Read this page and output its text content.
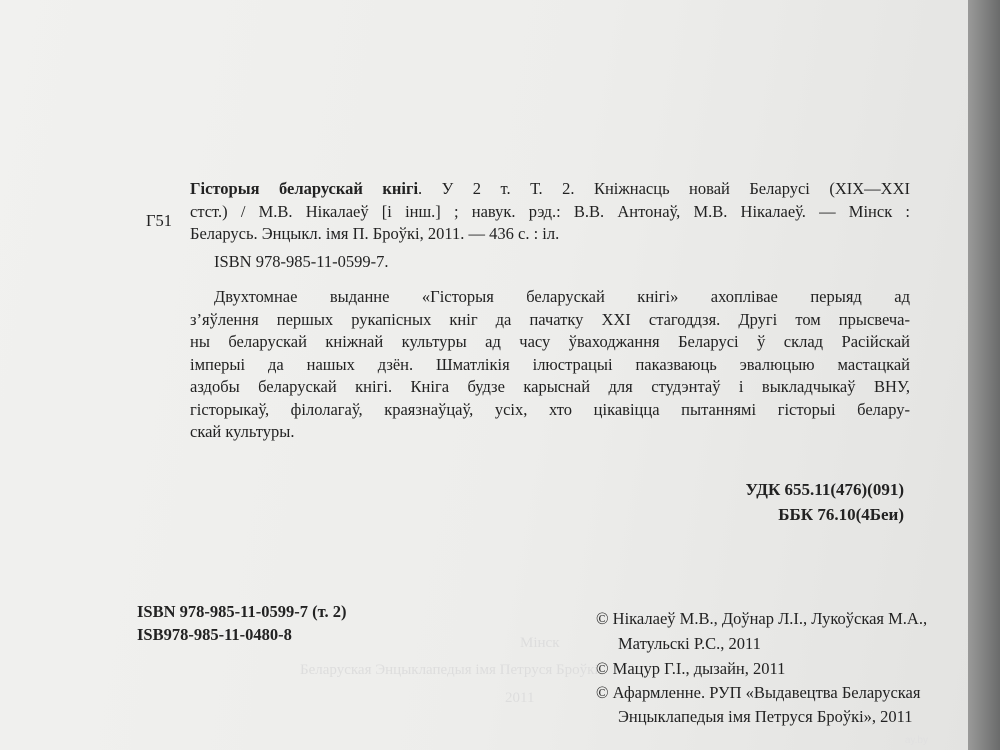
Г51
Гісторыя беларускай кнігі. У 2 т. Т. 2. Кніжнасць новай Беларусі (XIX—XXI
стст.) / М.В. Нікалаеў [і інш.] ; навук. рэд.: В.В. Антонаў, М.В. Нікалаеў. — Мінск :
Беларусь. Энцыкл. імя П. Броўкі, 2011. — 436 с. : іл.
ISBN 978-985-11-0599-7.
Двухтомнае выданне «Гісторыя беларускай кнігі» ахоплівае перыяд ад
з’яўлення першых рукапісных кніг да пачатку XXI стагоддзя. Другі том прысвеча-
ны беларускай кніжнай культуры ад часу ўваходжання Беларусі ў склад Расійскай
імперыі да нашых дзён. Шматлікія ілюстрацыі паказваюць эвалюцыю мастацкай
аздобы беларускай кнігі. Кніга будзе карыснай для студэнтаў і выкладчыкаў ВНУ,
гісторыкаў, філолагаў, краязнаўцаў, усіх, хто цікавіцца пытаннямі гісторыі белару-
скай культуры.
УДК 655.11(476)(091)
ББК 76.10(4Беи)
Мінск
Беларуская Энцыклапедыя імя Петруся Броўкі
2011
ISBN 978-985-11-0599-7 (т. 2)
ISB978-985-11-0480-8
© Нікалаеў М.В., Доўнар Л.І., Лукоўская М.А.,
Матульскі Р.С., 2011
© Мацур Г.І., дызайн, 2011
© Афармленне. РУП «Выдавецтва Беларуская
Энцыклапедыя імя Петруся Броўкі», 2011
ay.by
